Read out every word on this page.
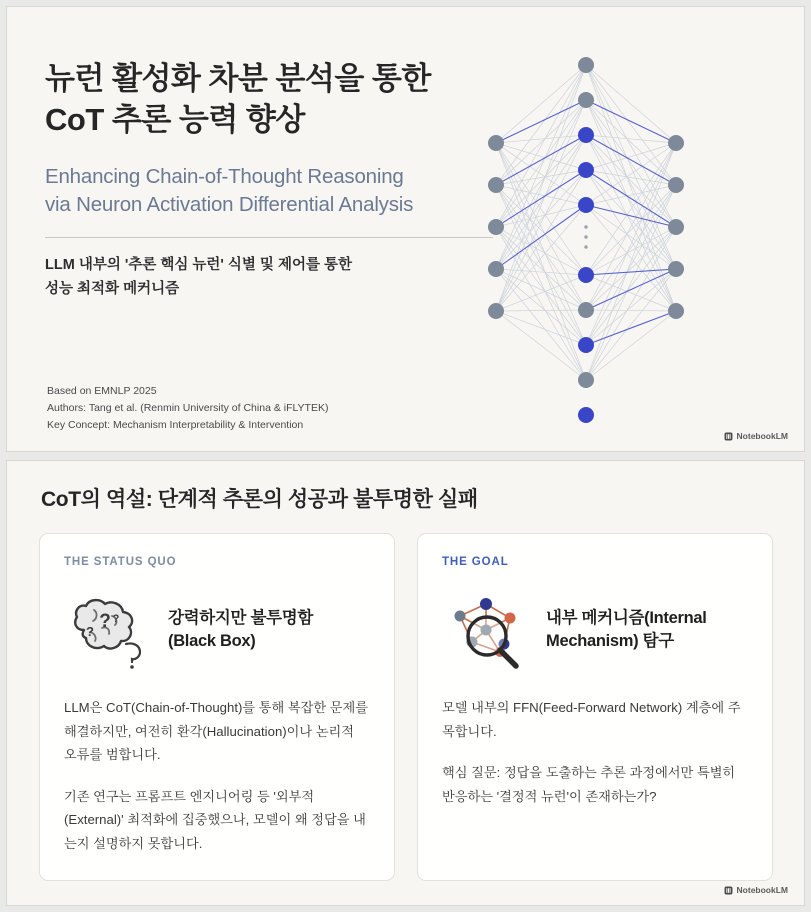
뉴런 활성화 차분 분석을 통한
CoT 추론 능력 향상
Enhancing Chain-of-Thought Reasoning
via Neuron Activation Differential Analysis
LLM 내부의 '추론 핵심 뉴런' 식별 및 제어를 통한
성능 최적화 메커니즘
Based on EMNLP 2025
Authors: Tang et al. (Renmin University of China & iFLYTEK)
Key Concept: Mechanism Interpretability & Intervention
NotebookLM
CoT의 역설: 단계적 추론의 성공과 불투명한 실패
THE STATUS QUO
?
?
?	강력하지만 불투명함
(Black Box)

LLM은 CoT(Chain-of-Thought)를 통해 복잡한 문제를 해결하지만, 여전히 환각(Hallucination)이나 논리적 오류를 범합니다.

기존 연구는 프롬프트 엔지니어링 등 '외부적(External)' 최적화에 집중했으나, 모델이 왜 정답을 내는지 설명하지 못합니다.

THE GOAL
내부 메커니즘(Internal
Mechanism) 탐구

모델 내부의 FFN(Feed-Forward Network) 계층에 주목합니다.

핵심 질문: 정답을 도출하는 추론 과정에서만 특별히 반응하는 '결정적 뉴런'이 존재하는가?

NotebookLM
